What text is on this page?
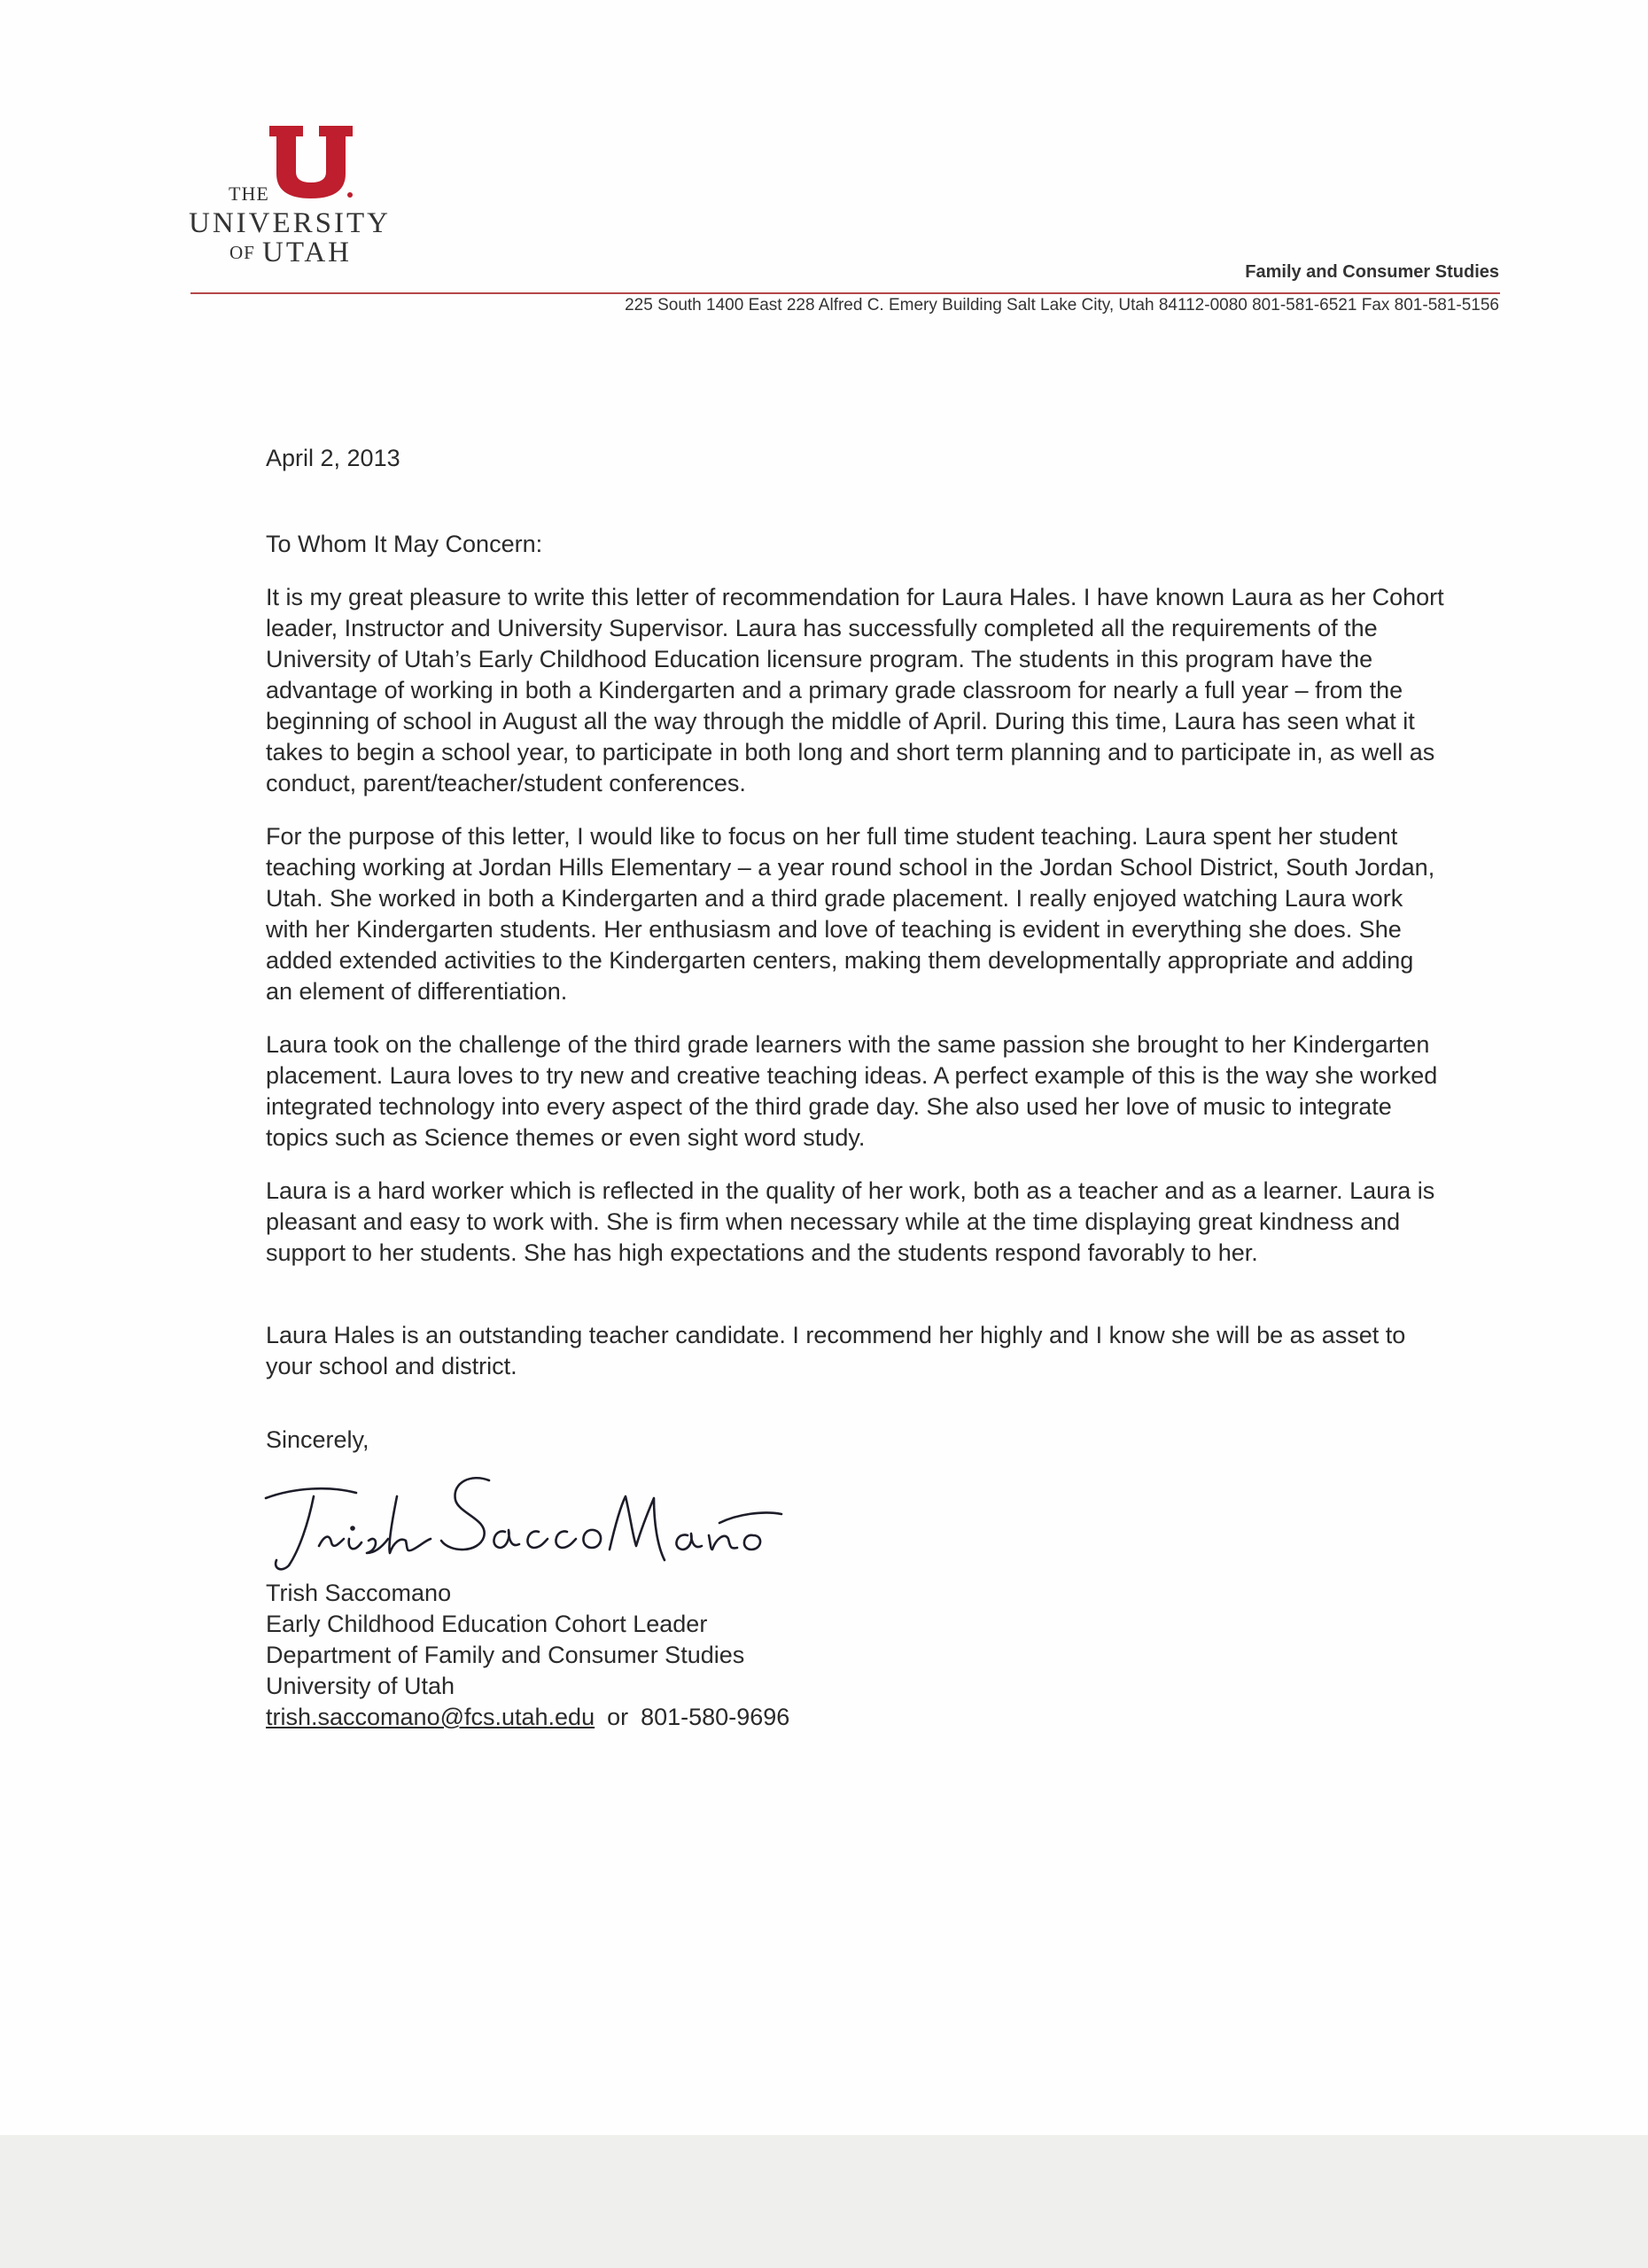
THE
UNIVERSITY
OF UTAH
Family and Consumer Studies
225 South 1400 East 228 Alfred C. Emery Building Salt Lake City, Utah 84112-0080 801-581-6521 Fax 801-581-5156

April 2, 2013

To Whom It May Concern:

It is my great pleasure to write this letter of recommendation for Laura Hales. I have known Laura as her Cohort leader, Instructor and University Supervisor. Laura has successfully completed all the requirements of the University of Utah’s Early Childhood Education licensure program. The students in this program have the advantage of working in both a Kindergarten and a primary grade classroom for nearly a full year – from the beginning of school in August all the way through the middle of April. During this time, Laura has seen what it takes to begin a school year, to participate in both long and short term planning and to participate in, as well as conduct, parent/teacher/student conferences.

For the purpose of this letter, I would like to focus on her full time student teaching. Laura spent her student teaching working at Jordan Hills Elementary – a year round school in the Jordan School District, South Jordan, Utah. She worked in both a Kindergarten and a third grade placement. I really enjoyed watching Laura work with her Kindergarten students. Her enthusiasm and love of teaching is evident in everything she does. She added extended activities to the Kindergarten centers, making them developmentally appropriate and adding an element of differentiation.

Laura took on the challenge of the third grade learners with the same passion she brought to her Kindergarten placement. Laura loves to try new and creative teaching ideas. A perfect example of this is the way she worked integrated technology into every aspect of the third grade day. She also used her love of music to integrate topics such as Science themes or even sight word study.

Laura is a hard worker which is reflected in the quality of her work, both as a teacher and as a learner. Laura is pleasant and easy to work with. She is firm when necessary while at the time displaying great kindness and support to her students. She has high expectations and the students respond favorably to her.

Laura Hales is an outstanding teacher candidate. I recommend her highly and I know she will be as asset to your school and district.

Sincerely,

Trish Saccomano
Early Childhood Education Cohort Leader
Department of Family and Consumer Studies
University of Utah
trish.saccomano@fcs.utah.edu or 801-580-9696
